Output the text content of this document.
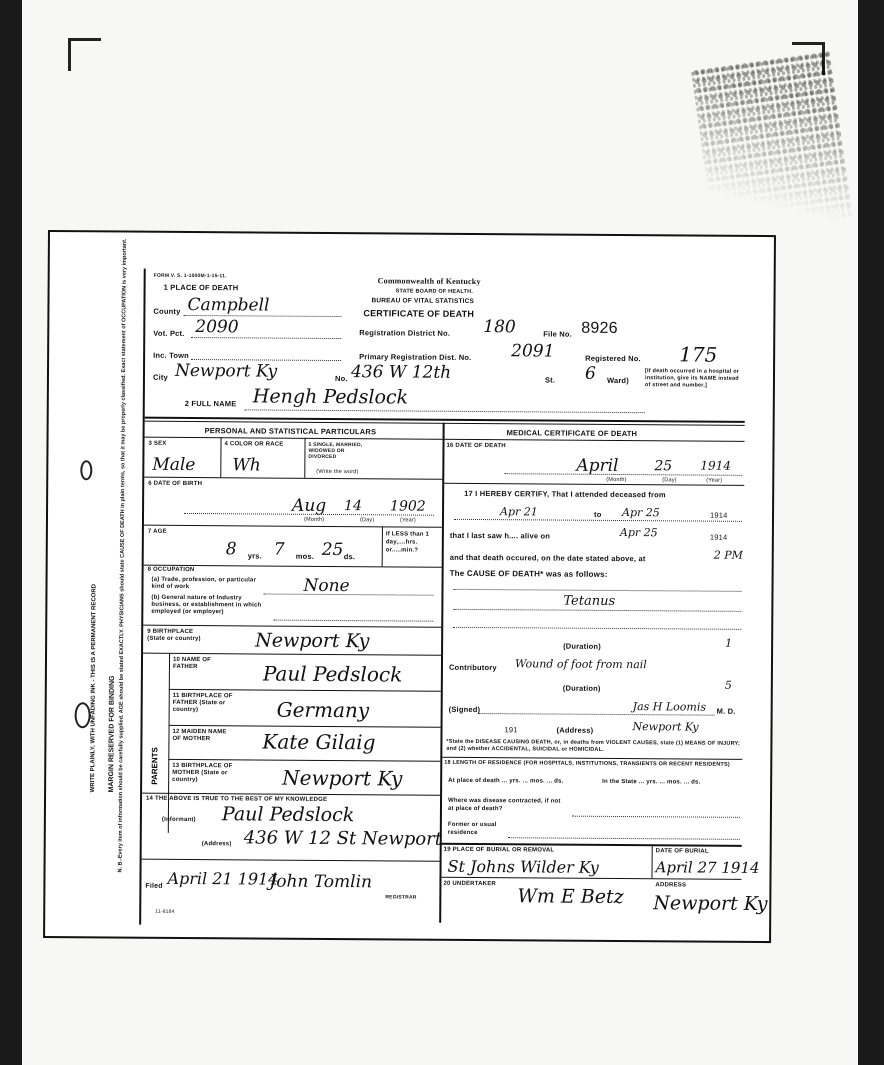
MARGIN RESERVED FOR BINDING
WRITE PLAINLY, WITH UNFADING INK - THIS IS A PERMANENT RECORD	N. B.-Every item of information should be carefully supplied. AGE should be stated EXACTLY. PHYSICIANS should state CAUSE OF DEATH in plain terms, so that it may be properly classified. Exact statement of OCCUPATION is very important.	FORM V. S. 1-1000M-1-15-11.
Commonwealth of Kentucky
STATE BOARD OF HEALTH.
BUREAU OF VITAL STATISTICS
CERTIFICATE OF DEATH
1 PLACE OF DEATH
County Campbell
Vot. Pct. 2090	Registration District No. 180	File No. 8926
Inc. Town	Primary Registration Dist. No. 2091	Registered No. 175
City Newport Ky	No. 436 W 12th	St. 6 Ward)
[If death occurred in a hospital or institution, give its NAME instead of street and number.]
2 FULL NAME Hengh Pedslock
PERSONAL AND STATISTICAL PARTICULARS	MEDICAL CERTIFICATE OF DEATH
3 SEX
Male
4 COLOR OR RACE
Wh
5 SINGLE, MARRIED, WIDOWED OR DIVORCED
(Write the word)
6 DATE OF BIRTH
Aug 14 1902
(Month)	(Day)	(Year)
7 AGE
8 yrs. 7 mos. 25 ds.
If LESS than 1 day,....hrs. or.....min.?
8 OCCUPATION
(a) Trade, profession, or particular kind of work
(b) General nature of Industry business, or establishment in which employed (or employer)
None
9 BIRTHPLACE (State or country)	Newport Ky
PARENTS
10 NAME OF FATHER	Paul Pedslock
11 BIRTHPLACE OF FATHER (State or country)	Germany
12 MAIDEN NAME OF MOTHER	Kate Gilaig
13 BIRTHPLACE OF MOTHER (State or country)	Newport Ky
14 THE ABOVE IS TRUE TO THE BEST OF MY KNOWLEDGE
(Informant) Paul Pedslock
(Address) 436 W 12 St Newport
Filed April 21 1914
John Tomlin
REGISTRAR
11-8184
16 DATE OF DEATH
April	25 1914
(Month)	(Day)	(Year)
17 I HEREBY CERTIFY, That I attended deceased from
Apr 21	to Apr 25	1914
that I last saw h.... alive on	Apr 25	1914
and that death occured, on the date stated above, at	2 PM
The CAUSE OF DEATH* was as follows:
Tetanus
(Duration)	1
Contributory Wound of foot from nail
(Duration)	5
(Signed)	Jas H Loomis M. D.
191	(Address)	Newport Ky
*State the DISEASE CAUSING DEATH, or, in deaths from VIOLENT CAUSES, state (1) MEANS OF INJURY; and (2) whether ACCIDENTAL, SUICIDAL or HOMICIDAL.
18 LENGTH OF RESIDENCE (FOR HOSPITALS, INSTITUTIONS, TRANSIENTS OR RECENT RESIDENTS)
At place of death ... yrs. ... mos. ... ds.	In the State ... yrs. ... mos. ... ds.
Where was disease contracted, if not at place of death?
Former or usual residence
19 PLACE OF BURIAL OR REMOVAL
St Johns Wilder Ky
DATE OF BURIAL
April 27 1914
20 UNDERTAKER
Wm E Betz	ADDRESS
Newport Ky
